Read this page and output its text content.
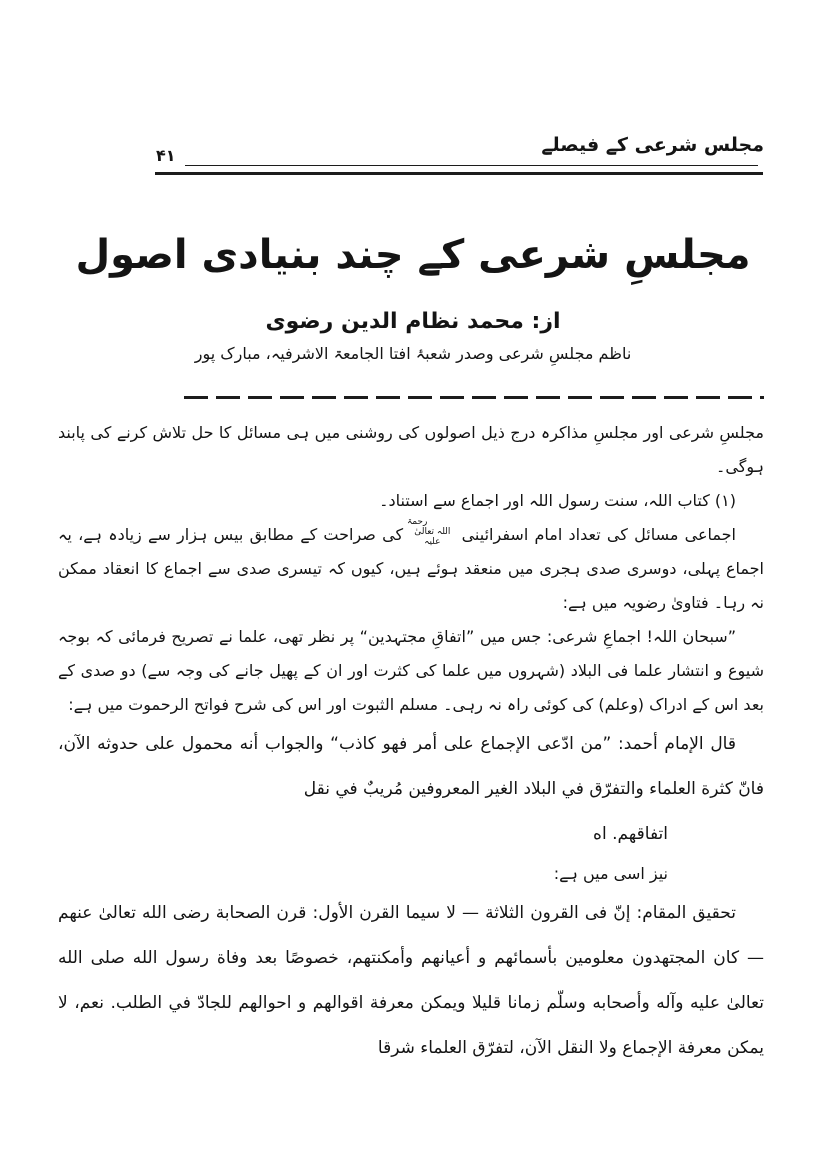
مجلس شرعی کے فیصلے
۴۱
مجلسِ شرعی کے چند بنیادی اصول
از: محمد نظام الدین رضوی
ناظم مجلسِ شرعی وصدر شعبۂ افتا الجامعۃ الاشرفیہ، مبارک پور

مجلسِ شرعی اور مجلسِ مذاکرہ درج ذیل اصولوں کی روشنی میں ہی مسائل کا حل تلاش کرنے کی پابند ہوگی۔

(۱) کتاب اللہ، سنت رسول اللہ اور اجماع سے استناد۔

اجماعی مسائل کی تعداد امام اسفرائینی رحمۃ اللہ تعالیٰ علیہ کی صراحت کے مطابق بیس ہزار سے زیادہ ہے، یہ اجماع پہلی، دوسری صدی ہجری میں منعقد ہوئے ہیں، کیوں کہ تیسری صدی سے اجماع کا انعقاد ممکن نہ رہا۔ فتاویٰ رضویہ میں ہے:

”سبحان اللہ! اجماعِ شرعی: جس میں ”اتفاقِ مجتہدین“ پر نظر تھی، علما نے تصریح فرمائی کہ بوجہ شیوع و انتشار علما فی البلاد (شہروں میں علما کی کثرت اور ان کے پھیل جانے کی وجہ سے) دو صدی کے بعد اس کے ادراک (وعلم) کی کوئی راہ نہ رہی۔ مسلم الثبوت اور اس کی شرح فواتح الرحموت میں ہے:

قال الإمام أحمد: ”من ادّعى الإجماع على أمر فهو كاذب“ والجواب أنه محمول على حدوثه الآن، فانّ كثرة العلماء والتفرّق في البلاد الغير المعروفين مُريبٌ في نقل

اتفاقهم. اه

نیز اسی میں ہے:

تحقيق المقام: إنّ فى القرون الثلاثة — لا سيما القرن الأول: قرن الصحابة رضى الله تعالىٰ عنهم — كان المجتهدون معلومين بأسمائهم و أعيانهم وأمكنتهم، خصوصًا بعد وفاة رسول الله صلى الله تعالىٰ عليه وآله وأصحابه وسلّم زمانا قليلا ويمكن معرفة اقوالهم و احوالهم للجادّ في الطلب. نعم، لا يمكن معرفة الإجماع ولا النقل الآن، لتفرّق العلماء شرقا
